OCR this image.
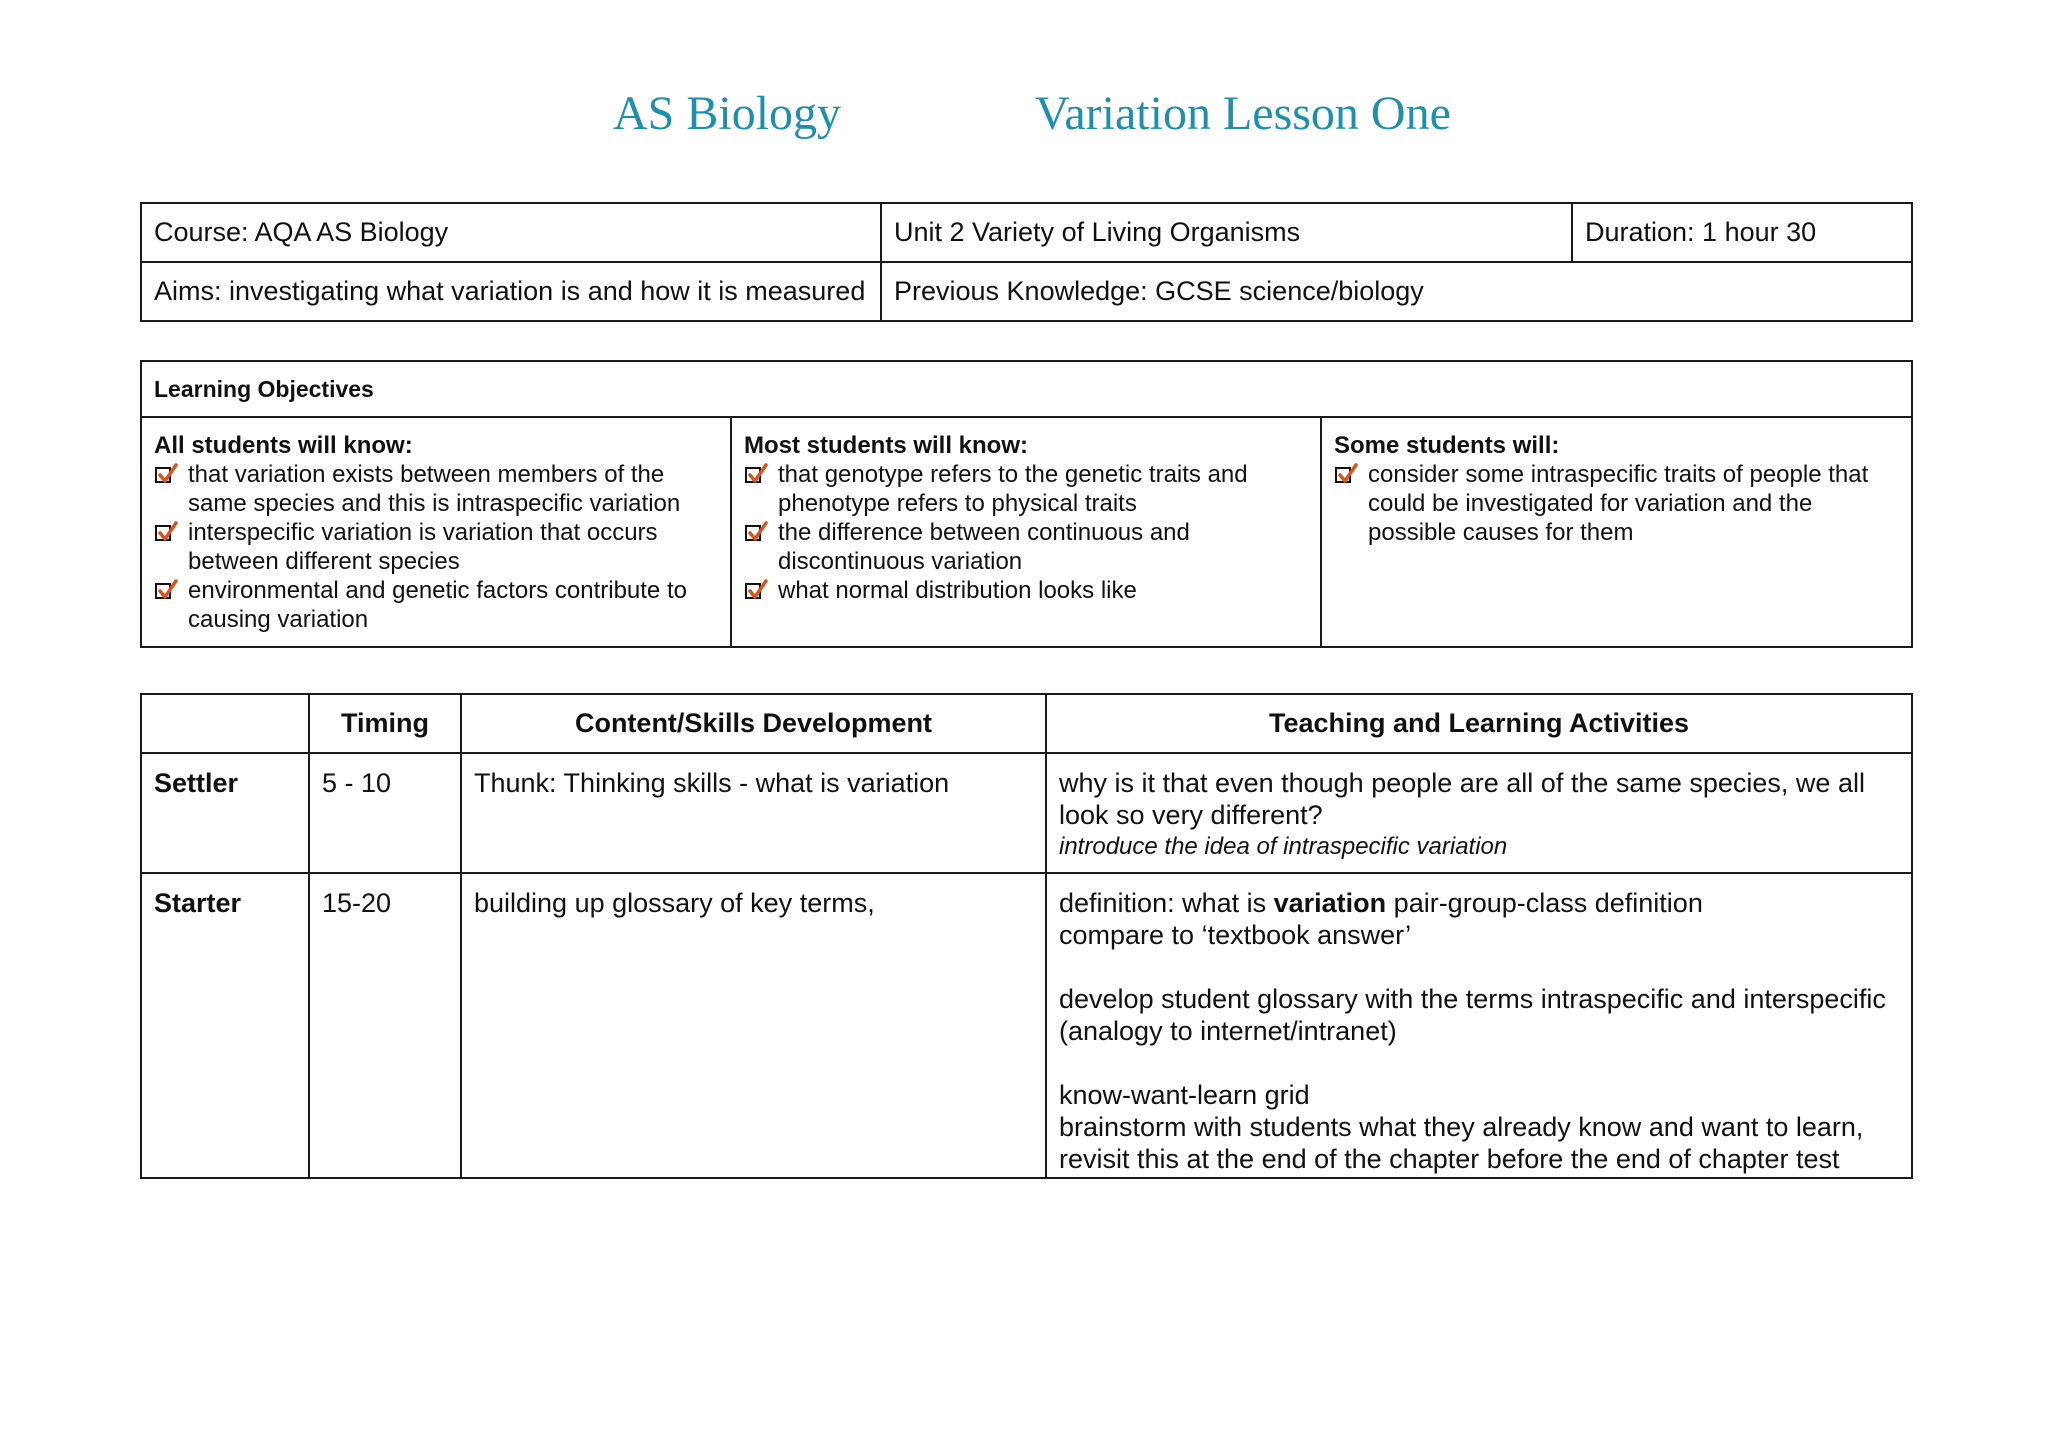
AS Biology	Variation Lesson One
Course: AQA AS Biology	Unit 2 Variety of Living Organisms	Duration: 1 hour 30
Aims: investigating what variation is and how it is measured	Previous Knowledge: GCSE science/biology	
Learning Objectives

All students will know:
that variation exists between members of the same species and this is intraspecific variation
interspecific variation is variation that occurs between different species
environmental and genetic factors contribute to causing variation

Most students will know:
that genotype refers to the genetic traits and phenotype refers to physical traits
the difference between continuous and discontinuous variation
what normal distribution looks like

Some students will:
consider some intraspecific traits of people that could be investigated for variation and the possible causes for them
	Timing	Content/Skills Development	Teaching and Learning Activities
Settler	5 - 10	Thunk: Thinking skills - what is variation	why is it that even though people are all of the same species, we all look so very different?
introduce the idea of intraspecific variation

Starter	15-20	building up glossary of key terms,	definition: what is variation pair-group-class definition
compare to ‘textbook answer’
develop student glossary with the terms intraspecific and interspecific (analogy to internet/intranet)
know-want-learn grid
brainstorm with students what they already know and want to learn, revisit this at the end of the chapter before the end of chapter test
